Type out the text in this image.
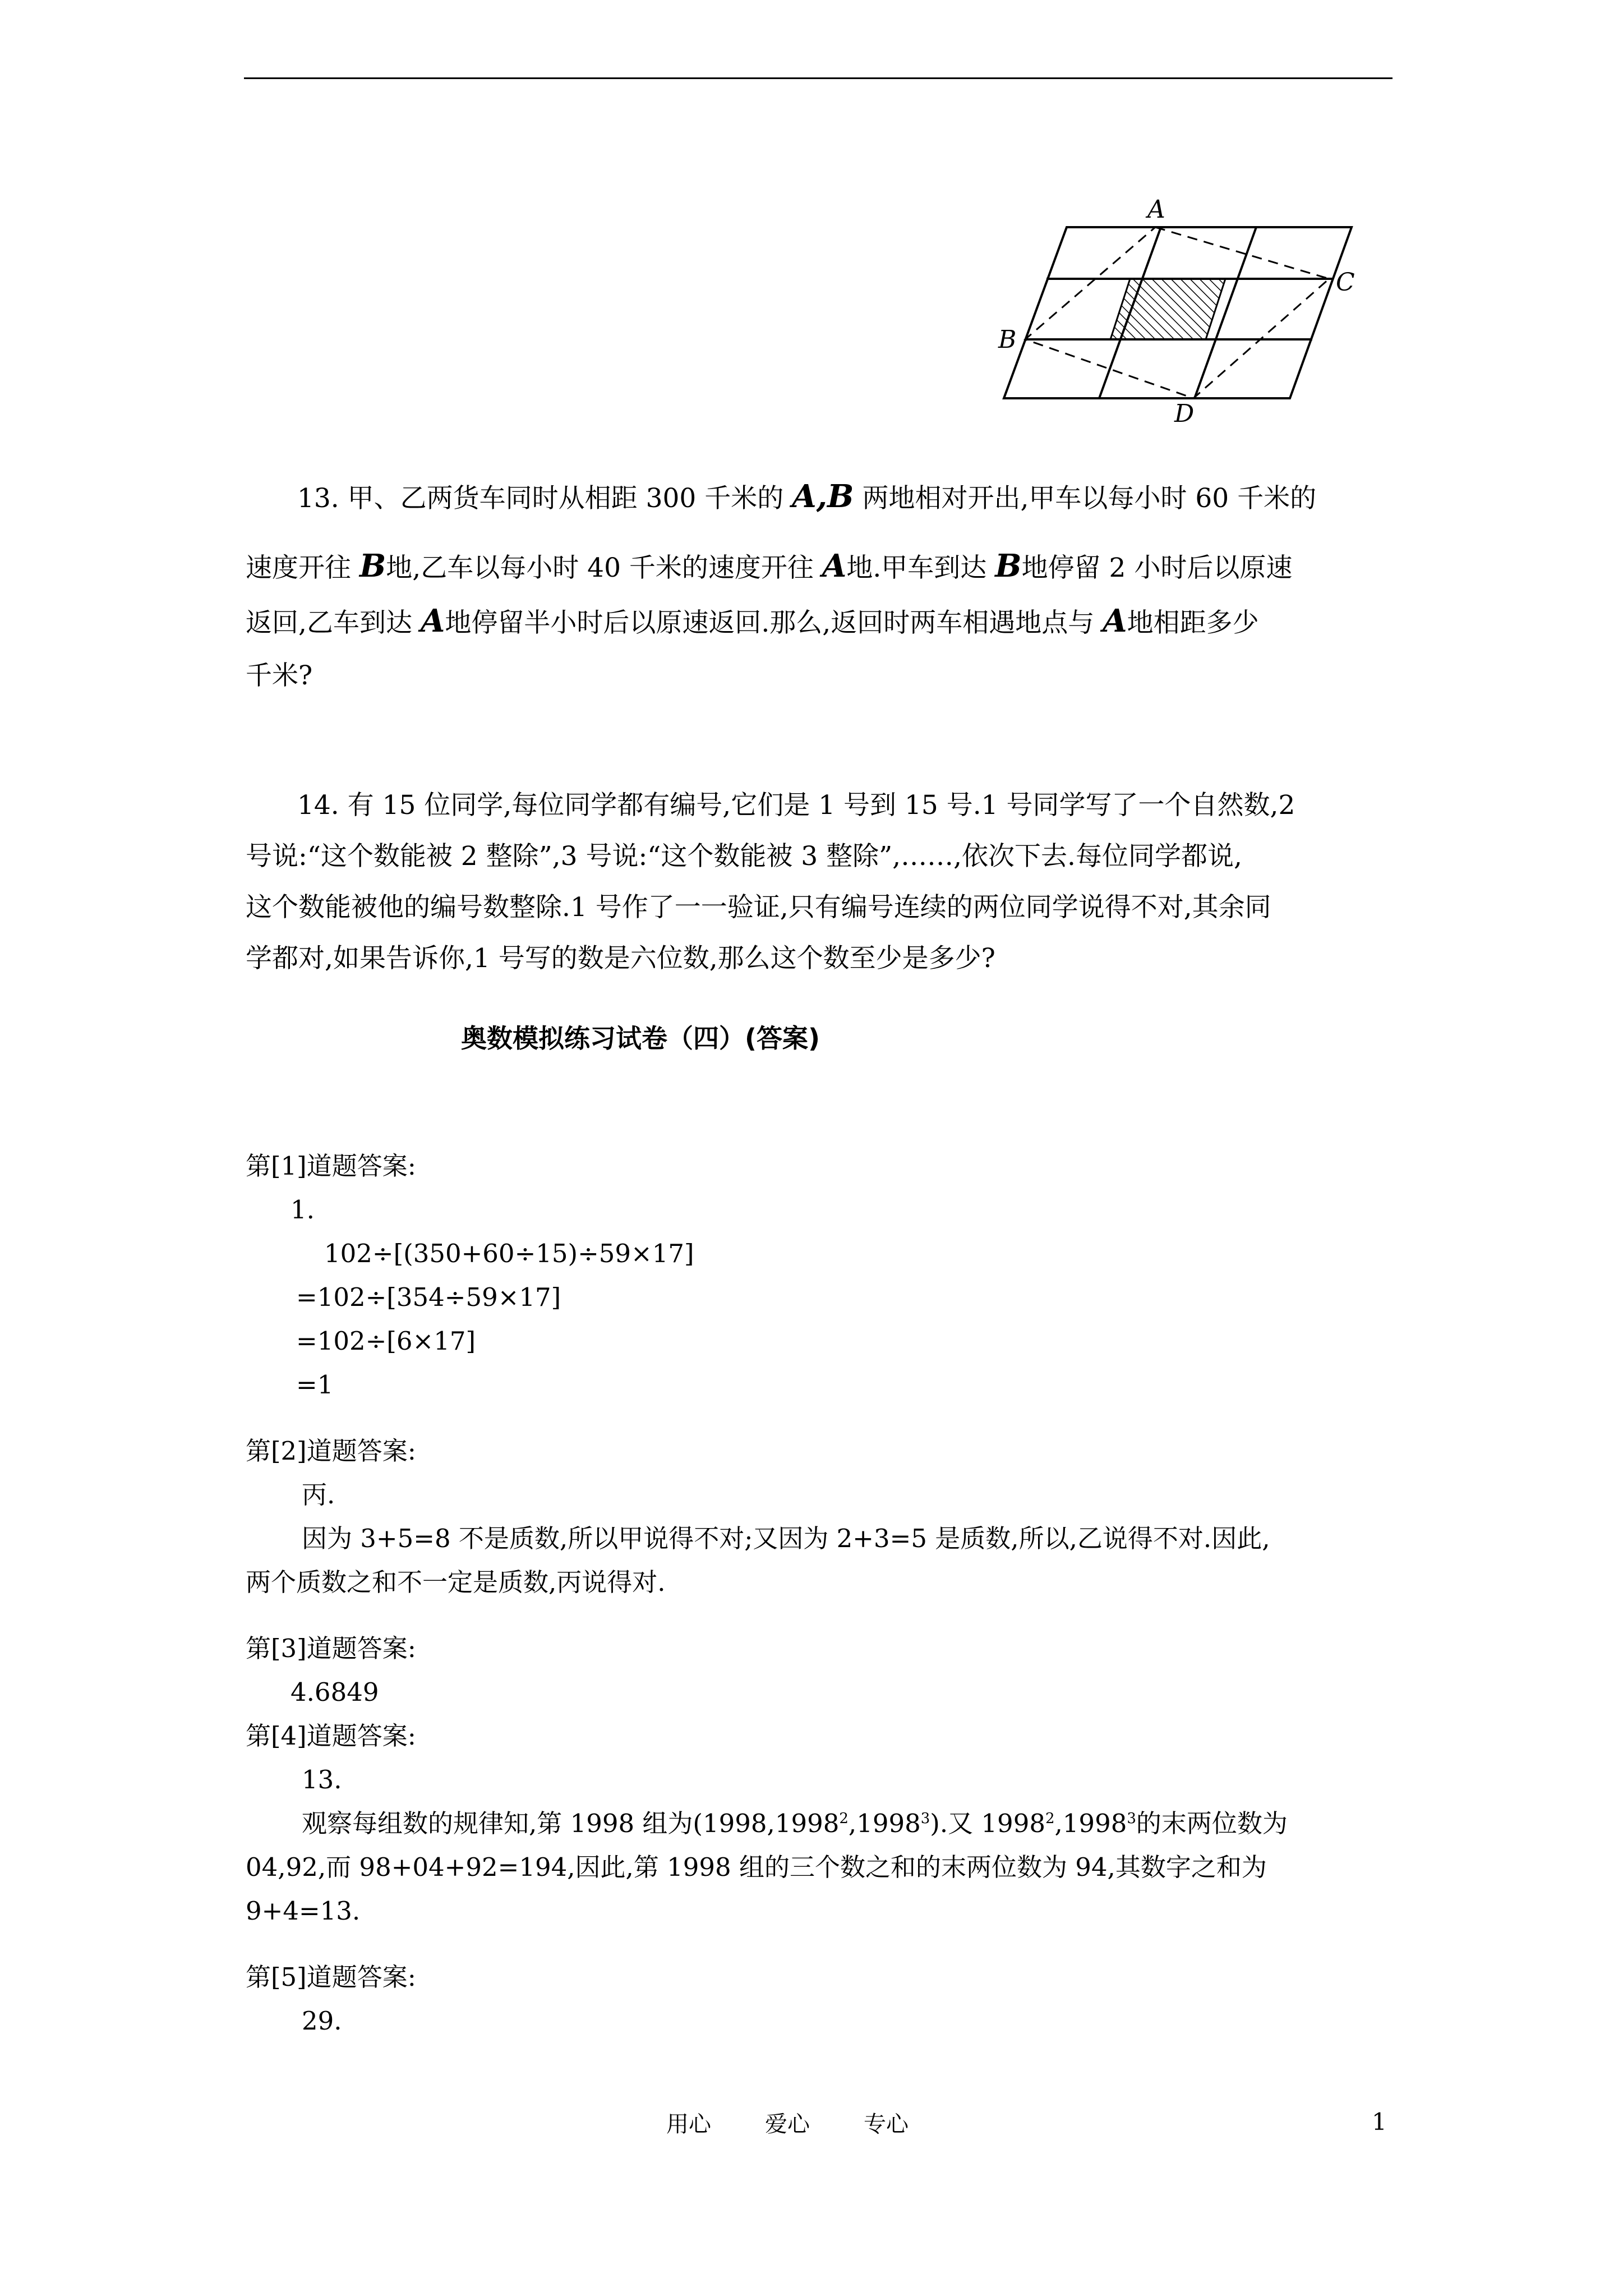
A
C
B
D
13. 甲、乙两货车同时从相距 300 千米的 A,B 两地相对开出,甲车以每小时 60 千米的
速度开往 B地,乙车以每小时 40 千米的速度开往 A地.甲车到达 B地停留 2 小时后以原速
返回,乙车到达 A地停留半小时后以原速返回.那么,返回时两车相遇地点与 A地相距多少
千米?
14. 有 15 位同学,每位同学都有编号,它们是 1 号到 15 号.1 号同学写了一个自然数,2
号说:“这个数能被 2 整除”,3 号说:“这个数能被 3 整除”,……,依次下去.每位同学都说,
这个数能被他的编号数整除.1 号作了一一验证,只有编号连续的两位同学说得不对,其余同
学都对,如果告诉你,1 号写的数是六位数,那么这个数至少是多少?
奥数模拟练习试卷（四）(答案)
第[1]道题答案:
1.
102÷[(350+60÷15)÷59×17]
=102÷[354÷59×17]
=102÷[6×17]
=1
第[2]道题答案:
丙.
因为 3+5=8 不是质数,所以甲说得不对;又因为 2+3=5 是质数,所以,乙说得不对.因此,
两个质数之和不一定是质数,丙说得对.
第[3]道题答案:
4.6849
第[4]道题答案:
13.
观察每组数的规律知,第 1998 组为(1998,1998$^2$,1998$^3$).又 1998$^2$,1998$^3$的末两位数为
04,92,而 98+04+92=194,因此,第 1998 组的三个数之和的末两位数为 94,其数字之和为
9+4=13.
第[5]道题答案:
29.
用心 爱心 专心	1
